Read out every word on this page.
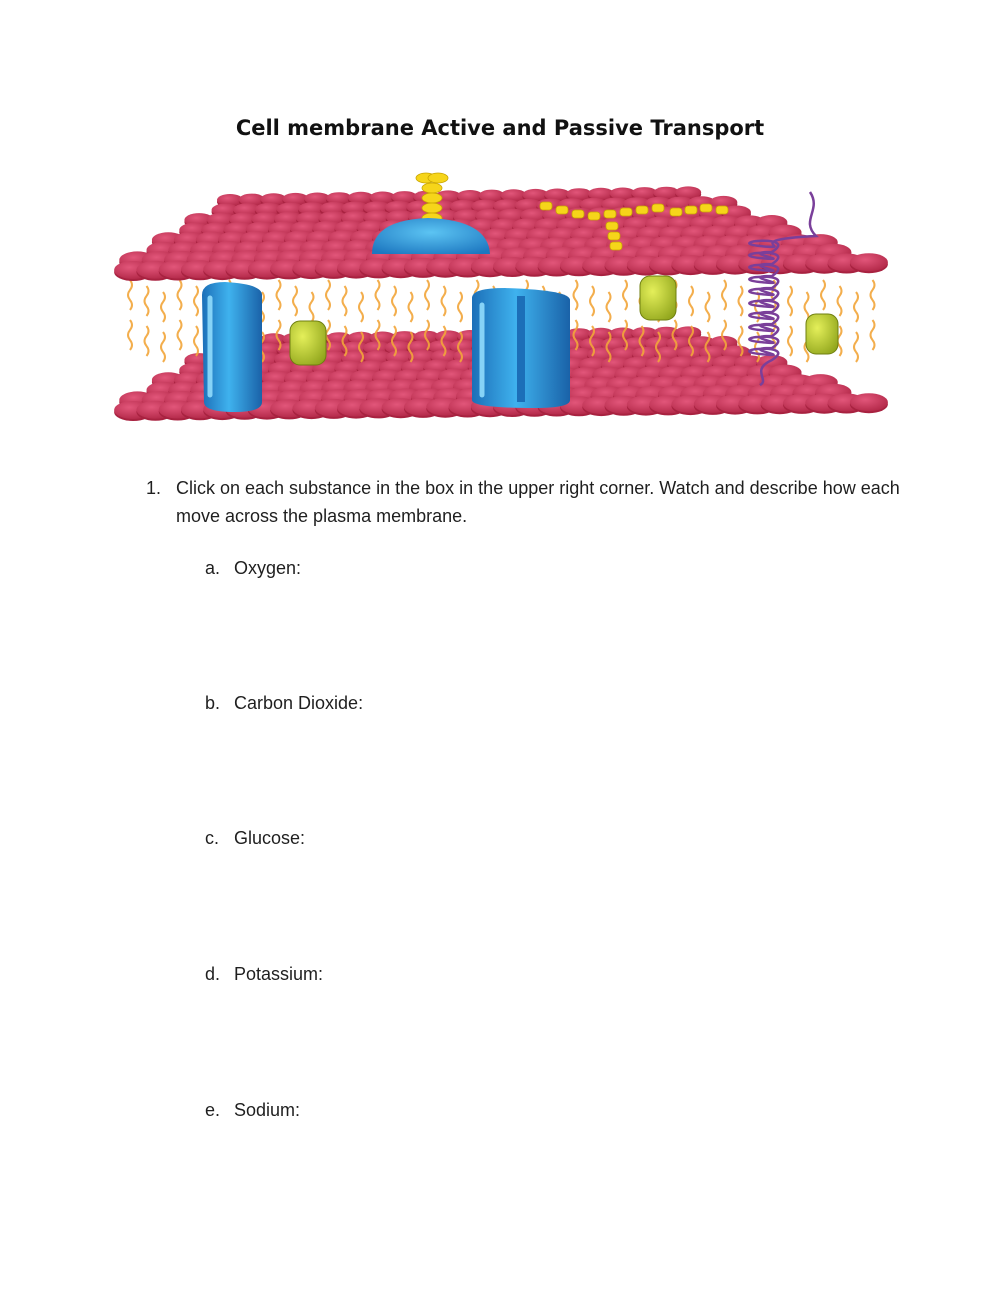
Cell membrane Active and Passive Transport
1. Click on each substance in the box in the upper right corner. Watch and describe how each move across the plasma membrane.
a. Oxygen:
b. Carbon Dioxide:
c. Glucose:
d. Potassium:
e. Sodium:
